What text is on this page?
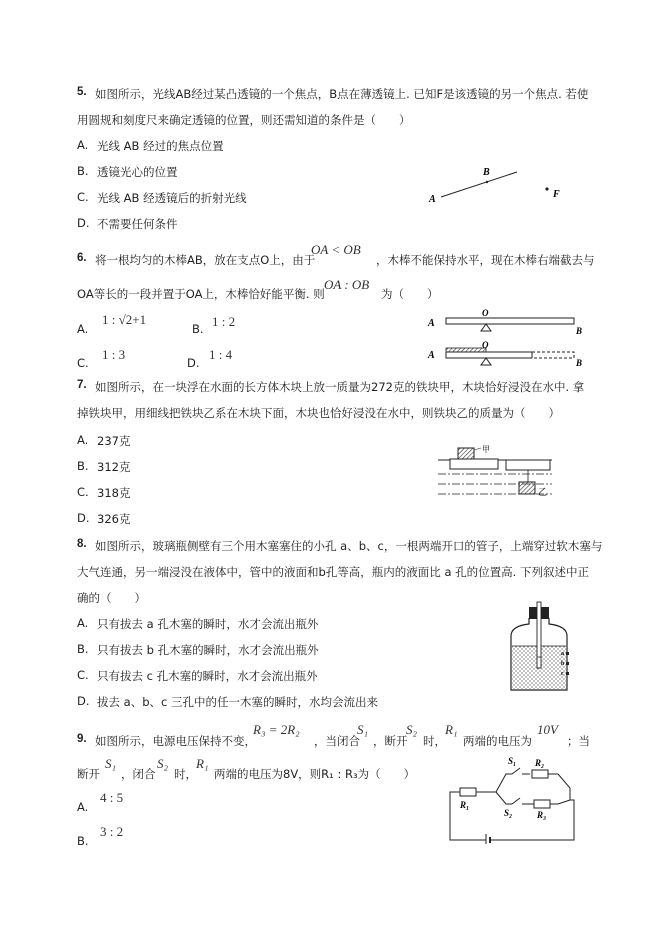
5. 如图所示，光线AB经过某凸透镜的一个焦点，B点在薄透镜上. 已知F是该透镜的另一个焦点. 若使
用圆规和刻度尺来确定透镜的位置，则还需知道的条件是（　　）
A. 光线 AB 经过的焦点位置
B. 透镜光心的位置
C. 光线 AB 经透镜后的折射光线
D. 不需要任何条件
A
B
F
6. 将一根均匀的木棒AB，放在支点O上，由于
OA < OB
，木棒不能保持水平，现在木棒右端截去与
OA等长的一段并置于OA上，木棒恰好能平衡. 则
OA : OB
为（　　）
A.
1 : √2+1
B. 1 : 2
C.
1 : 3
D.
1 : 4
A
O
B
A
O
B
7. 如图所示，在一块浮在水面的长方体木块上放一质量为272克的铁块甲，木块恰好浸没在水中. 拿
掉铁块甲，用细线把铁块乙系在木块下面，木块也恰好浸没在水中，则铁块乙的质量为（　　）
A. 237克
B. 312克
C. 318克
D. 326克
甲
乙
8. 如图所示，玻璃瓶侧壁有三个用木塞塞住的小孔 a、b、c，一根两端开口的管子，上端穿过软木塞与
大气连通，另一端浸没在液体中，管中的液面和b孔等高，瓶内的液面比 a 孔的位置高. 下列叙述中正
确的（　　）
A. 只有拔去 a 孔木塞的瞬时，水才会流出瓶外
B. 只有拔去 b 孔木塞的瞬时，水才会流出瓶外
C. 只有拔去 c 孔木塞的瞬时，水才会流出瓶外
D. 拔去 a、b、c 三孔中的任一木塞的瞬时，水均会流出来
a
b
c
9. 如图所示，电源电压保持不变，
R₃ = 2R₂
，当闭合
S₁
，断开
S₂
时，
R₁
两端的电压为
10V
；当
断开
S₁
，闭合
S₂
时，
R₁
两端的电压为8V，则R₁ : R₃为（　　）
A.
4 : 5
B.
3 : 2
R₁
S₁ R₂
S₂	R₃
